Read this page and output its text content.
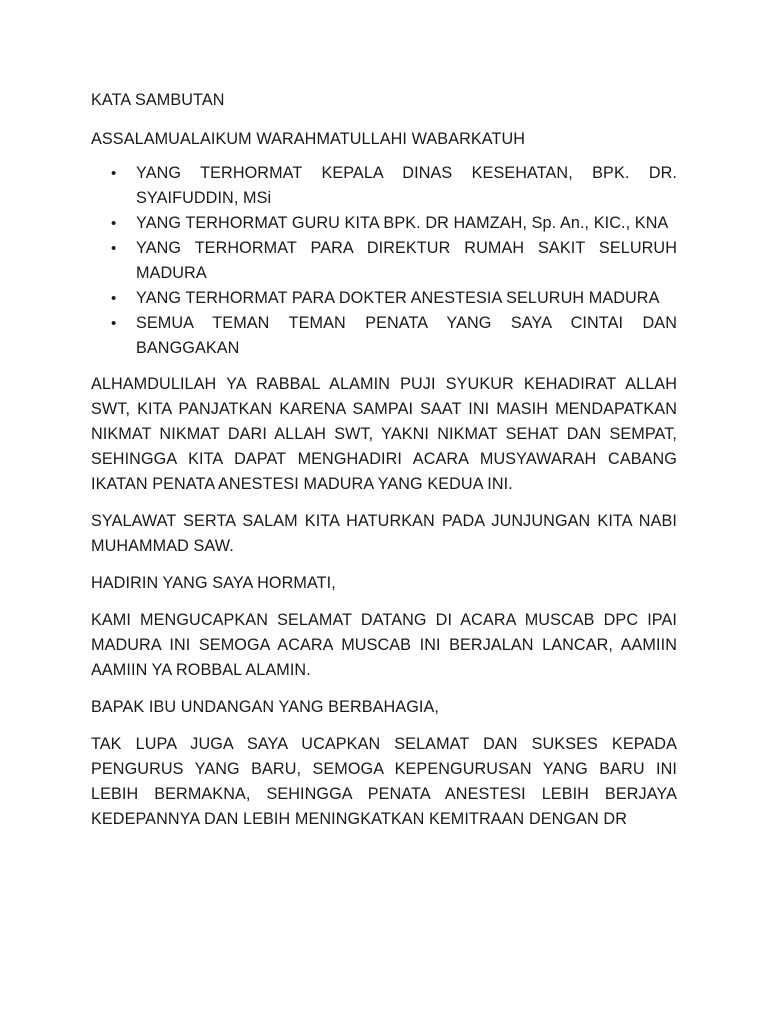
KATA SAMBUTAN

ASSALAMUALAIKUM WARAHMATULLAHI WABARKATUH

• YANG TERHORMAT KEPALA DINAS KESEHATAN, BPK. DR. SYAIFUDDIN, MSi
• YANG TERHORMAT GURU KITA BPK. DR HAMZAH, Sp. An., KIC., KNA
• YANG TERHORMAT PARA DIREKTUR RUMAH SAKIT SELURUH MADURA
• YANG TERHORMAT PARA DOKTER ANESTESIA SELURUH MADURA
• SEMUA TEMAN TEMAN PENATA YANG SAYA CINTAI DAN BANGGAKAN

ALHAMDULILAH YA RABBAL ALAMIN PUJI SYUKUR KEHADIRAT ALLAH SWT, KITA PANJATKAN KARENA SAMPAI SAAT INI MASIH MENDAPATKAN NIKMAT NIKMAT DARI ALLAH SWT, YAKNI NIKMAT SEHAT DAN SEMPAT, SEHINGGA KITA DAPAT MENGHADIRI ACARA MUSYAWARAH CABANG IKATAN PENATA ANESTESI MADURA YANG KEDUA INI.

SYALAWAT SERTA SALAM KITA HATURKAN PADA JUNJUNGAN KITA NABI MUHAMMAD SAW.

HADIRIN YANG SAYA HORMATI,

KAMI MENGUCAPKAN SELAMAT DATANG DI ACARA MUSCAB DPC IPAI MADURA INI SEMOGA ACARA MUSCAB INI BERJALAN LANCAR, AAMIIN AAMIIN YA ROBBAL ALAMIN.

BAPAK IBU UNDANGAN YANG BERBAHAGIA,

TAK LUPA JUGA SAYA UCAPKAN SELAMAT DAN SUKSES KEPADA PENGURUS YANG BARU, SEMOGA KEPENGURUSAN YANG BARU INI LEBIH BERMAKNA, SEHINGGA PENATA ANESTESI LEBIH BERJAYA KEDEPANNYA DAN LEBIH MENINGKATKAN KEMITRAAN DENGAN DR
